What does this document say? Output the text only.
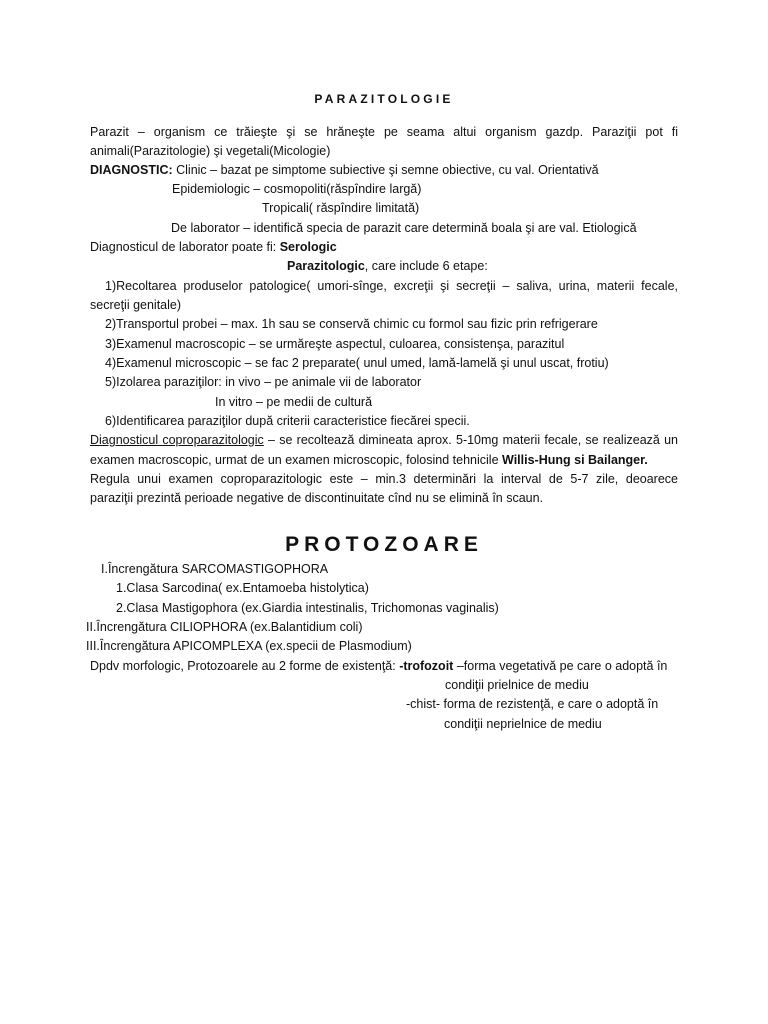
PARAZITOLOGIE
Parazit – organism ce trăieşte şi se hrăneşte pe seama altui organism gazdp. Paraziţii pot fi
animali(Parazitologie) şi vegetali(Micologie)
DIAGNOSTIC: Clinic – bazat pe simptome subiective şi semne obiective, cu val. Orientativă
Epidemiologic – cosmopoliti(răspîndire largă)
Tropicali( răspîndire limitată)
De laborator – identifică specia de parazit care determină boala şi are val. Etiologică
Diagnosticul de laborator poate fi: Serologic
Parazitologic, care include 6 etape:
1)Recoltarea produselor patologice( umori-sînge, excreţii şi secreţii – saliva, urina, materii fecale,
secreţii genitale)
2)Transportul probei – max. 1h sau se conservă chimic cu formol sau fizic prin refrigerare
3)Examenul macroscopic – se urmăreşte aspectul, culoarea, consistenşa, parazitul
4)Examenul microscopic – se fac 2 preparate( unul umed, lamă-lamelă şi unul uscat, frotiu)
5)Izolarea paraziţilor: in vivo – pe animale vii de laborator
In vitro – pe medii de cultură
6)Identificarea paraziţilor după criterii caracteristice fiecărei specii.
Diagnosticul coproparazitologic – se recoltează dimineata aprox. 5-10mg materii fecale, se realizează un
examen macroscopic, urmat de un examen microscopic, folosind tehnicile Willis-Hung si Bailanger.
Regula unui examen coproparazitologic este – min.3 determinări la interval de 5-7 zile, deoarece
paraziţii prezintă perioade negative de discontinuitate cînd nu se elimină în scaun.
PROTOZOARE
I.Încrengătura SARCOMASTIGOPHORA
1.Clasa Sarcodina( ex.Entamoeba histolytica)
2.Clasa Mastigophora (ex.Giardia intestinalis, Trichomonas vaginalis)
II.Încrengătura CILIOPHORA (ex.Balantidium coli)
III.Încrengătura APICOMPLEXA (ex.specii de Plasmodium)
Dpdv morfologic, Protozoarele au 2 forme de existenţă: -trofozoit –forma vegetativă pe care o adoptă în
condiţii prielnice de mediu
-chist- forma de rezistenţă, e care o adoptă în
condiţii neprielnice de mediu
